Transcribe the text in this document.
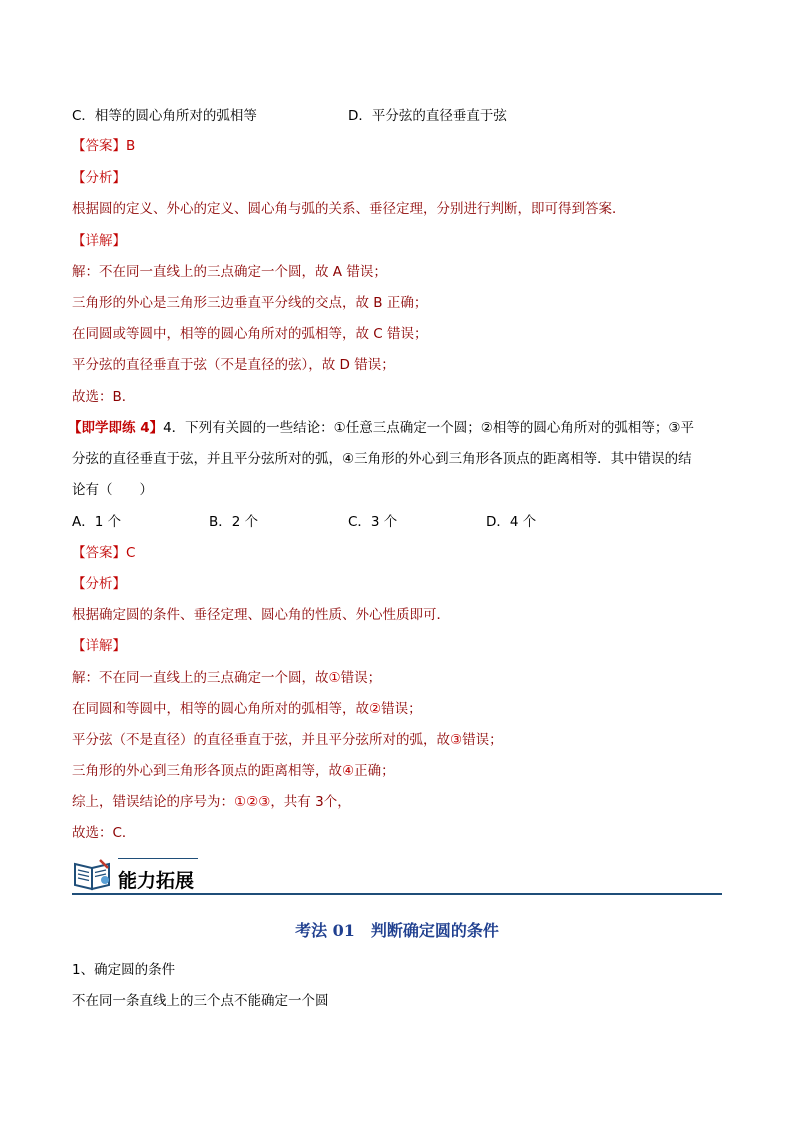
C．相等的圆心角所对的弧相等	D．平分弦的直径垂直于弦
【答案】B
【分析】
根据圆的定义、外心的定义、圆心角与弧的关系、垂径定理，分别进行判断，即可得到答案．
【详解】
解：不在同一直线上的三点确定一个圆，故 A 错误；
三角形的外心是三角形三边垂直平分线的交点，故 B 正确；
在同圆或等圆中，相等的圆心角所对的弧相等，故 C 错误；
平分弦的直径垂直于弦（不是直径的弦），故 D 错误；
故选：B．
【即学即练 4】4．下列有关圆的一些结论：①任意三点确定一个圆；②相等的圆心角所对的弧相等；③平
分弦的直径垂直于弦，并且平分弦所对的弧，④三角形的外心到三角形各顶点的距离相等．其中错误的结
论有（　　）
A．1 个	B．2 个	C．3 个	D．4 个
【答案】C
【分析】
根据确定圆的条件、垂径定理、圆心角的性质、外心性质即可．
【详解】
解：不在同一直线上的三点确定一个圆，故①错误；
在同圆和等圆中，相等的圆心角所对的弧相等，故②错误；
平分弦（不是直径）的直径垂直于弦，并且平分弦所对的弧，故③错误；
三角形的外心到三角形各顶点的距离相等，故④正确；
综上，错误结论的序号为：①②③，共有 3个，
故选：C．
能力拓展
考法 01　判断确定圆的条件
1、确定圆的条件
不在同一条直线上的三个点不能确定一个圆
